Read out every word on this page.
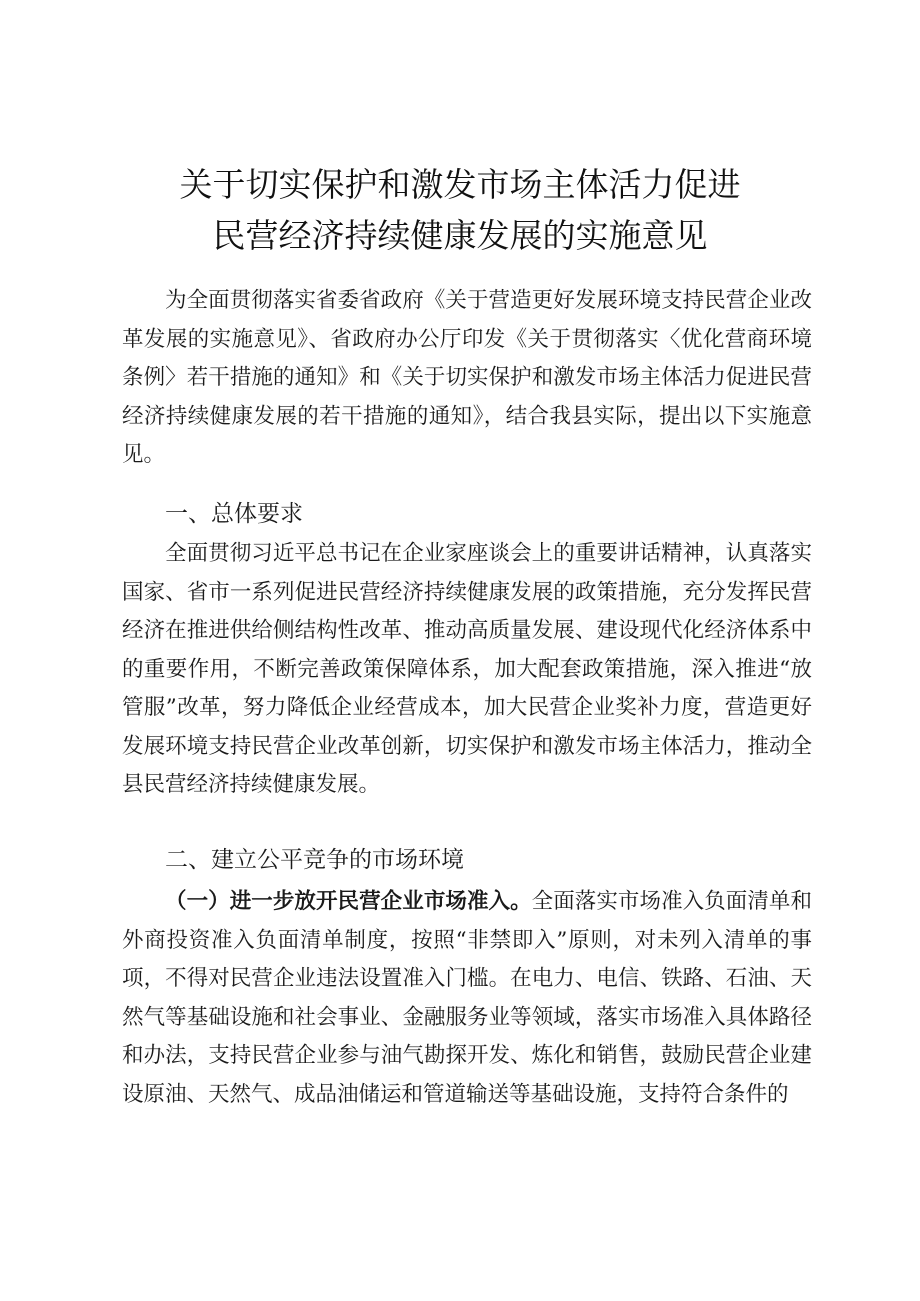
关于切实保护和激发市场主体活力促进
民营经济持续健康发展的实施意见

为全面贯彻落实省委省政府《关于营造更好发展环境支持民营企业改革发展的实施意见》、省政府办公厅印发《关于贯彻落实〈优化营商环境条例〉若干措施的通知》和《关于切实保护和激发市场主体活力促进民营经济持续健康发展的若干措施的通知》，结合我县实际，提出以下实施意见。

一、总体要求

全面贯彻习近平总书记在企业家座谈会上的重要讲话精神，认真落实国家、省市一系列促进民营经济持续健康发展的政策措施，充分发挥民营经济在推进供给侧结构性改革、推动高质量发展、建设现代化经济体系中的重要作用，不断完善政策保障体系，加大配套政策措施，深入推进“放管服”改革，努力降低企业经营成本，加大民营企业奖补力度，营造更好发展环境支持民营企业改革创新，切实保护和激发市场主体活力，推动全县民营经济持续健康发展。

二、建立公平竞争的市场环境

（一）进一步放开民营企业市场准入。全面落实市场准入负面清单和外商投资准入负面清单制度，按照“非禁即入”原则，对未列入清单的事项，不得对民营企业违法设置准入门槛。在电力、电信、铁路、石油、天然气等基础设施和社会事业、金融服务业等领域，落实市场准入具体路径和办法，支持民营企业参与油气勘探开发、炼化和销售，鼓励民营企业建设原油、天然气、成品油储运和管道输送等基础设施，支持符合条件的
